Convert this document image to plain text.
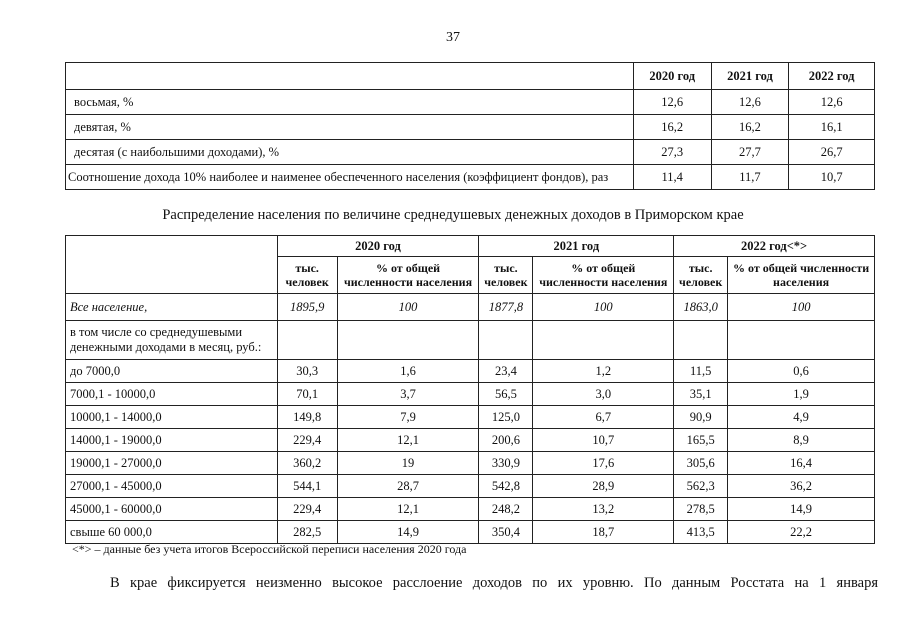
37
	2020 год	2021 год	2022 год
восьмая, %	12,6	12,6	12,6
девятая, %	16,2	16,2	16,1
десятая (с наибольшими доходами), %	27,3	27,7	26,7
Соотношение дохода 10% наиболее и наименее обеспеченного населения (коэффициент фондов), раз	11,4	11,7	10,7
Распределение населения по величине среднедушевых денежных доходов в Приморском крае
	2020 год		2021 год		2022 год<*>	
	тыс. человек	% от общей численности населения	тыс. человек	% от общей численности населения	тыс. человек	% от общей численности населения
Все население,	1895,9	100	1877,8	100	1863,0	100
в том числе со среднедушевыми денежными доходами в месяц, руб.:						
до 7000,0	30,3	1,6	23,4	1,2	11,5	0,6
7000,1 - 10000,0	70,1	3,7	56,5	3,0	35,1	1,9
10000,1 - 14000,0	149,8	7,9	125,0	6,7	90,9	4,9
14000,1 - 19000,0	229,4	12,1	200,6	10,7	165,5	8,9
19000,1 - 27000,0	360,2	19	330,9	17,6	305,6	16,4
27000,1 - 45000,0	544,1	28,7	542,8	28,9	562,3	36,2
45000,1 - 60000,0	229,4	12,1	248,2	13,2	278,5	14,9
свыше 60 000,0	282,5	14,9	350,4	18,7	413,5	22,2
<*> – данные без учета итогов Всероссийской переписи населения 2020 года
В крае фиксируется неизменно высокое расслоение доходов по их уровню. По данным Росстата на 1 января
